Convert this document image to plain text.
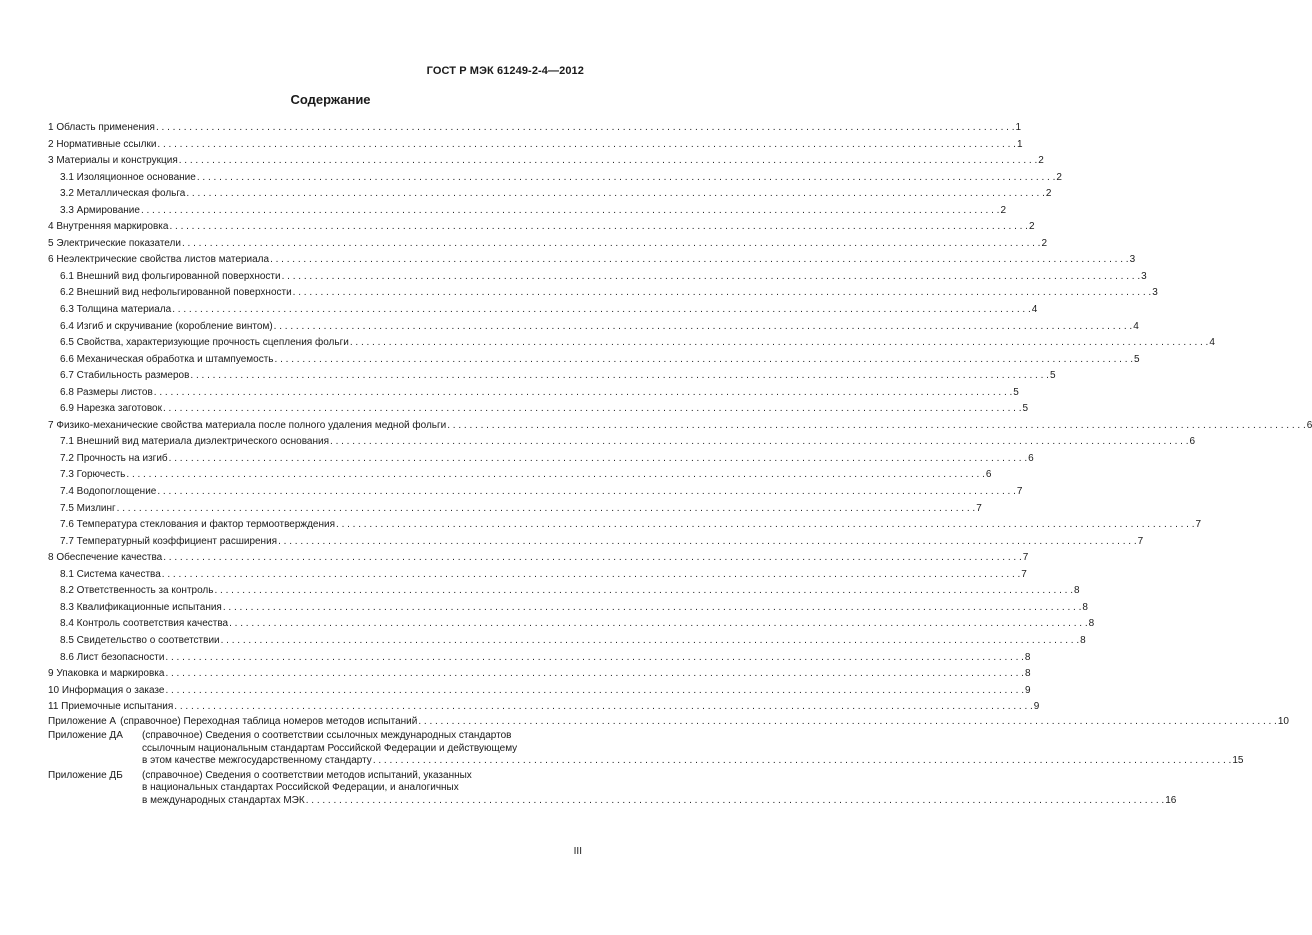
ГОСТ Р МЭК 61249-2-4—2012
Содержание
1 Область применения . . .	1
2 Нормативные ссылки . . .	1
3 Материалы и конструкция . . .	2
3.1 Изоляционное основание . . .	2
3.2 Металлическая фольга . . .	2
3.3 Армирование . . .	2
4 Внутренняя маркировка . . .	2
5 Электрические показатели . . .	2
6 Неэлектрические свойства листов материала . . .	3
6.1 Внешний вид фольгированной поверхности . . .	3
6.2 Внешний вид нефольгированной поверхности . . .	3
6.3 Толщина материала . . .	4
6.4 Изгиб и скручивание (коробление винтом) . . .	4
6.5 Свойства, характеризующие прочность сцепления фольги . . .	4
6.6 Механическая обработка и штампуемость . . .	5
6.7 Стабильность размеров . . .	5
6.8 Размеры листов . . .	5
6.9 Нарезка заготовок . . .	5
7 Физико-механические свойства материала после полного удаления медной фольги . . .	6
7.1 Внешний вид материала диэлектрического основания . . .	6
7.2 Прочность на изгиб . . .	6
7.3 Горючесть . . .	6
7.4 Водопоглощение . . .	7
7.5 Мизлинг . . .	7
7.6 Температура стеклования и фактор термоотверждения . . .	7
7.7 Температурный коэффициент расширения . . .	7
8 Обеспечение качества . . .	7
8.1 Система качества . . .	7
8.2 Ответственность за контроль . . .	8
8.3 Квалификационные испытания . . .	8
8.4 Контроль соответствия качества . . .	8
8.5 Свидетельство о соответствии . . .	8
8.6 Лист безопасности . . .	8
9 Упаковка и маркировка . . .	8
10 Информация о заказе . . .	9
11 Приемочные испытания . . .	9
Приложение А (справочное) Переходная таблица номеров методов испытаний . . .	10
Приложение ДА	(справочное) Сведения о соответствии ссылочных международных стандартов
ссылочным национальным стандартам Российской Федерации и действующему
в этом качестве межгосударственному стандарту . . .	15
Приложение ДБ	(справочное) Сведения о соответствии методов испытаний, указанных
в национальных стандартах Российской Федерации, и аналогичных
в международных стандартах МЭК . . .	16
III
